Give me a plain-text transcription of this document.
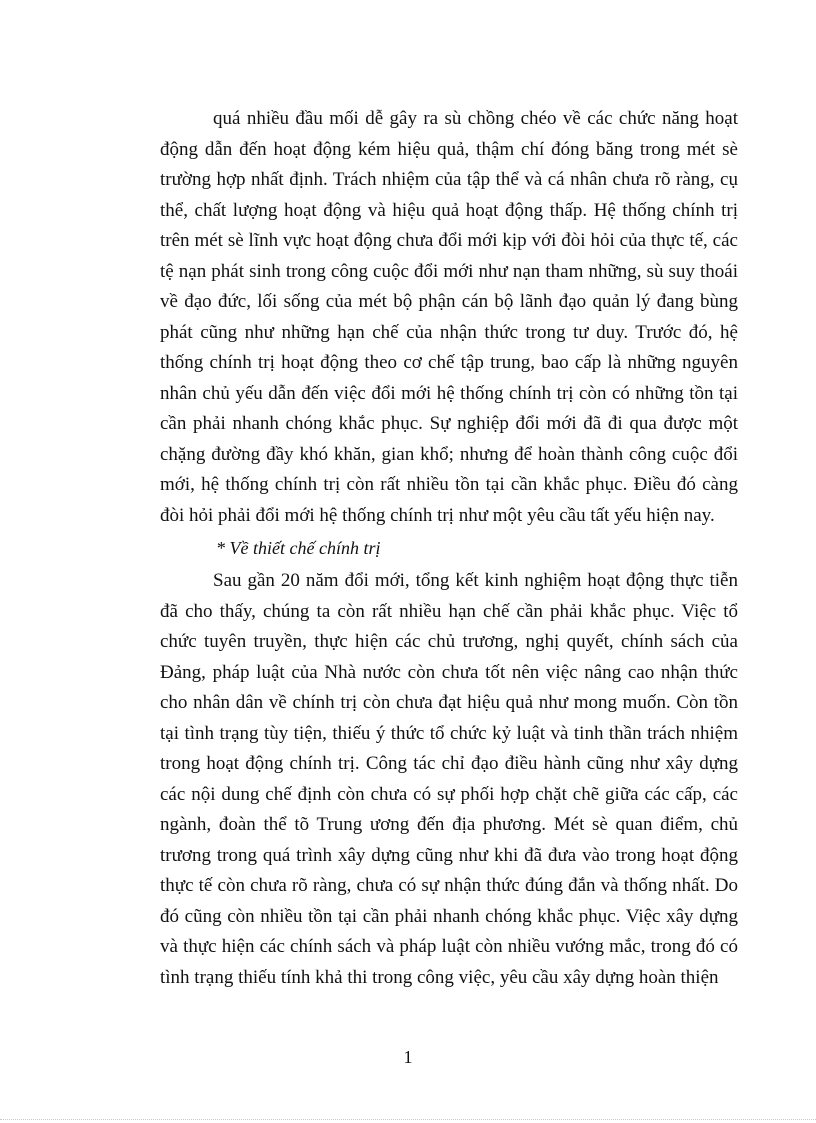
quá nhiều đầu mối dễ gây ra sù chồng chéo về các chức năng hoạt động dẫn đến hoạt động kém hiệu quả, thậm chí đóng băng trong mét sè trường hợp nhất định. Trách nhiệm của tập thể và cá nhân chưa rõ ràng, cụ thể, chất lượng hoạt động và hiệu quả hoạt động thấp. Hệ thống chính trị trên mét sè lĩnh vực hoạt động chưa đổi mới kịp với đòi hỏi của thực tế, các tệ nạn phát sinh trong công cuộc đổi mới như nạn tham những, sù suy thoái về đạo đức, lối sống của mét bộ phận cán bộ lãnh đạo quản lý đang bùng phát cũng như những hạn chế của nhận thức trong tư duy. Trước đó, hệ thống chính trị hoạt động theo cơ chế tập trung, bao cấp là những nguyên nhân chủ yếu dẫn đến việc đổi mới hệ thống chính trị còn có những tồn tại cần phải nhanh chóng khắc phục. Sự nghiệp đổi mới đã đi qua được một chặng đường đầy khó khăn, gian khổ; nhưng để hoàn thành công cuộc đổi mới, hệ thống chính trị còn rất nhiều tồn tại cần khắc phục. Điều đó càng đòi hỏi phải đổi mới hệ thống chính trị như một yêu cầu tất yếu hiện nay.

* Về thiết chế chính trị

Sau gần 20 năm đổi mới, tổng kết kinh nghiệm hoạt động thực tiễn đã cho thấy, chúng ta còn rất nhiều hạn chế cần phải khắc phục. Việc tổ chức tuyên truyền, thực hiện các chủ trương, nghị quyết, chính sách của Đảng, pháp luật của Nhà nước còn chưa tốt nên việc nâng cao nhận thức cho nhân dân về chính trị còn chưa đạt hiệu quả như mong muốn. Còn tồn tại tình trạng tùy tiện, thiếu ý thức tổ chức kỷ luật và tinh thần trách nhiệm trong hoạt động chính trị. Công tác chỉ đạo điều hành cũng như xây dựng các nội dung chế định còn chưa có sự phối hợp chặt chẽ giữa các cấp, các ngành, đoàn thể tõ Trung ương đến địa phương. Mét sè quan điểm, chủ trương trong quá trình xây dựng cũng như khi đã đưa vào trong hoạt động thực tế còn chưa rõ ràng, chưa có sự nhận thức đúng đắn và thống nhất. Do đó cũng còn nhiều tồn tại cần phải nhanh chóng khắc phục. Việc xây dựng và thực hiện các chính sách và pháp luật còn nhiều vướng mắc, trong đó có tình trạng thiếu tính khả thi trong công việc, yêu cầu xây dựng hoàn thiện

1
